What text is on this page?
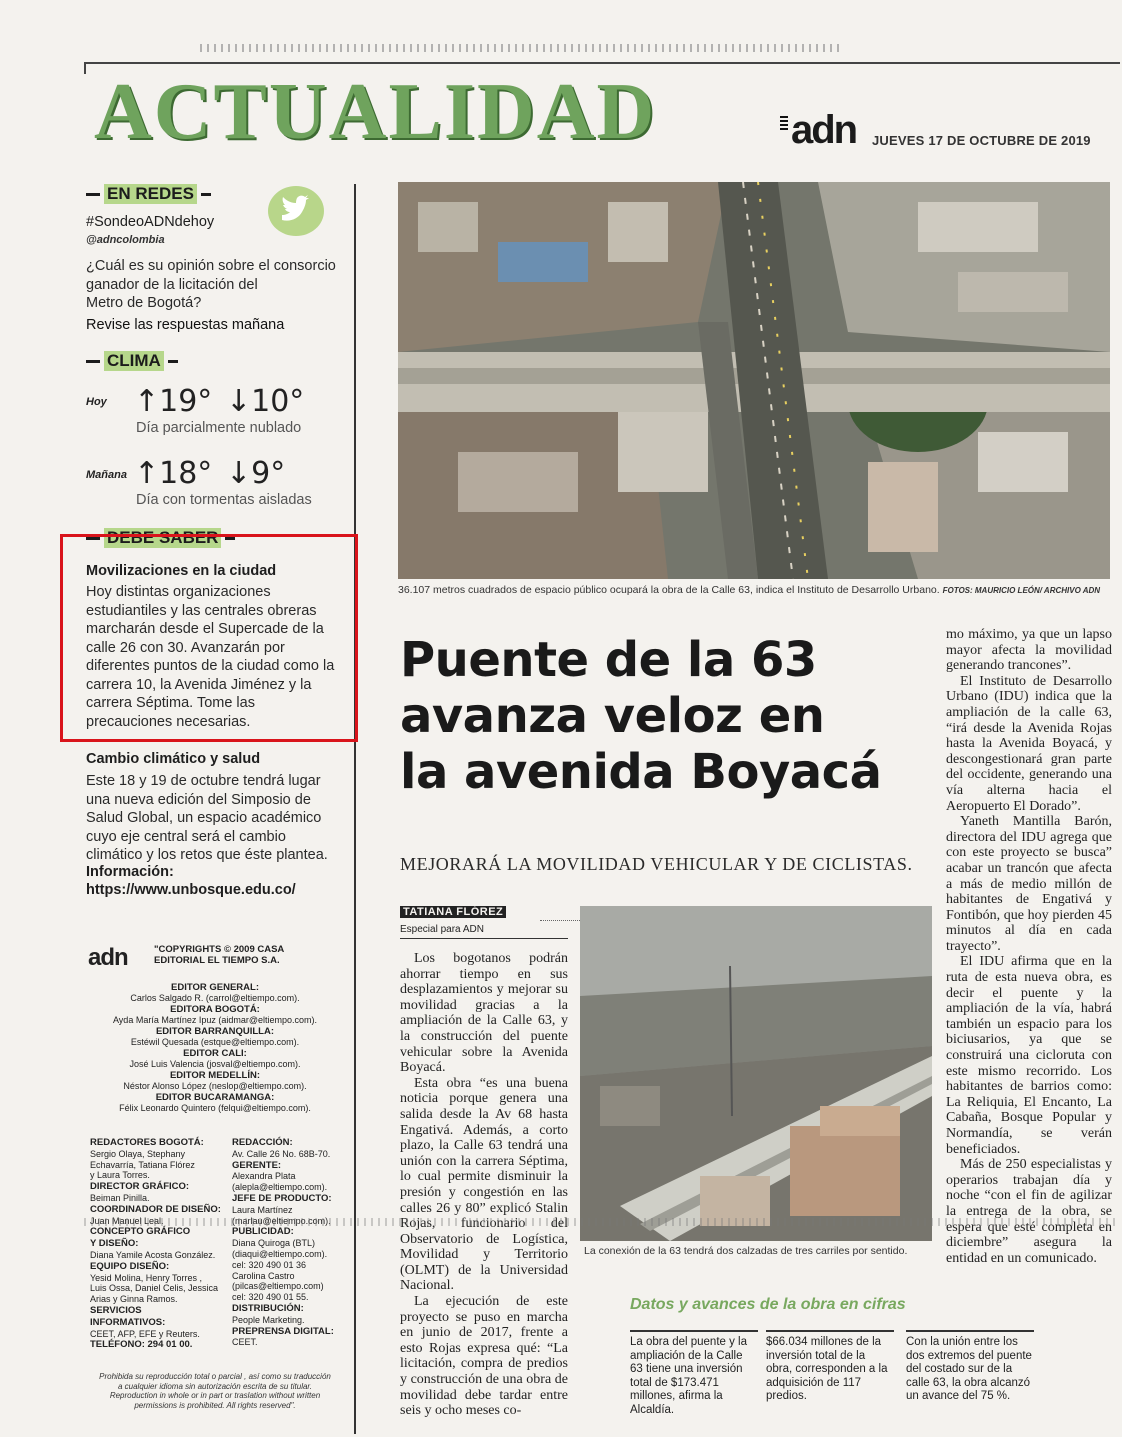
ACTUALIDAD	adn JUEVES 17 DE OCTUBRE DE 2019
EN REDES
#SondeoADNdehoy
@adncolombia
¿Cuál es su opinión sobre el consorcio
ganador de la licitación del
Metro de Bogotá?
Revise las respuestas mañana
CLIMA
Hoy ↑19° ↓10°
Día parcialmente nublado
Mañana ↑18° ↓9°
Día con tormentas aisladas
DEBE SABER
Movilizaciones en la ciudad
Hoy distintas organizaciones
estudiantiles y las centrales obreras
marcharán desde el Supercade de la
calle 26 con 30. Avanzarán por
diferentes puntos de la ciudad como la
carrera 10, la Avenida Jiménez y la
carrera Séptima. Tome las
precauciones necesarias.
Cambio climático y salud
Este 18 y 19 de octubre tendrá lugar
una nueva edición del Simposio de
Salud Global, un espacio académico
cuyo eje central será el cambio
climático y los retos que éste plantea.
Información:
https://www.unbosque.edu.co/
adn	"COPYRIGHTS © 2009 CASA
EDITORIAL EL TIEMPO S.A.
EDITOR GENERAL:
Carlos Salgado R. (carrol@eltiempo.com).
EDITORA BOGOTÁ:
Ayda María Martínez Ipuz (aidmar@eltiempo.com).
EDITOR BARRANQUILLA:
Estéwil Quesada (estque@eltiempo.com).
EDITOR CALI:
José Luis Valencia (josval@eltiempo.com).
EDITOR MEDELLÍN:
Néstor Alonso López (neslop@eltiempo.com).
EDITOR BUCARAMANGA:
Félix Leonardo Quintero (felqui@eltiempo.com).
REDACTORES BOGOTÁ:
Sergio Olaya, Stephany
Echavarría, Tatiana Flórez
y Laura Torres.
DIRECTOR GRÁFICO:
Beiman Pinilla.
COORDINADOR DE DISEÑO:
Juan Manuel Leal.
CONCEPTO GRÁFICO
Y DISEÑO:
Diana Yamile Acosta González.
EQUIPO DISEÑO:
Yesid Molina, Henry Torres ,
Luis Ossa, Daniel Celis, Jessica
Arias y Ginna Ramos.
SERVICIOS
INFORMATIVOS:
CEET, AFP, EFE y Reuters.
TELÉFONO: 294 01 00.
REDACCIÓN:
Av. Calle 26 No. 68B-70.
GERENTE:
Alexandra Plata
(alepla@eltiempo.com).
JEFE DE PRODUCTO:
Laura Martínez
(marlau@eltiempo.com).
PUBLICIDAD:
Diana Quiroga (BTL)
(diaqui@eltiempo.com).
cel: 320 490 01 36
Carolina Castro
(pilcas@eltiempo.com)
cel: 320 490 01 55.
DISTRIBUCIÓN:
People Marketing.
PREPRENSA DIGITAL:
CEET.
Prohibida su reproducción total o parcial , así como su traducción
a cualquier idioma sin autorización escrita de su titular.
Reproduction in whole or in part or traslation without written
permissions is prohibited. All rights reserved".
36.107 metros cuadrados de espacio público ocupará la obra de la Calle 63, indica el Instituto de Desarrollo Urbano. FOTOS: MAURICIO LEÓN/ ARCHIVO ADN
Puente de la 63
avanza veloz en
la avenida Boyacá
MEJORARÁ LA MOVILIDAD VEHICULAR Y DE CICLISTAS.
TATIANA FLÓREZ
Especial para ADN
La conexión de la 63 tendrá dos calzadas de tres carriles por sentido.

Los bogotanos podrán ahorrar tiempo en sus desplazamientos y mejorar su movilidad gracias a la ampliación de la Calle 63, y la construcción del puente vehicular sobre la Avenida Boyacá.

Esta obra “es una buena noticia porque genera una salida desde la Av 68 hasta Engativá. Además, a corto plazo, la Calle 63 tendrá una unión con la carrera Séptima, lo cual permite disminuir la presión y congestión en las calles 26 y 80” explicó Stalin Rojas, funcionario del Observatorio de Logística, Movilidad y Territorio (OLMT) de la Universidad Nacional.

La ejecución de este proyecto se puso en marcha en junio de 2017, frente a esto Rojas expresa qué: “La licitación, compra de predios y construcción de una obra de movilidad debe tardar entre seis y ocho meses co-

mo máximo, ya que un lapso mayor afecta la movilidad generando trancones”.

El Instituto de Desarrollo Urbano (IDU) indica que la ampliación de la calle 63, “irá desde la Avenida Rojas hasta la Avenida Boyacá, y descongestionará gran parte del occidente, generando una vía alterna hacia el Aeropuerto El Dorado”.

Yaneth Mantilla Barón, directora del IDU agrega que con este proyecto se busca” acabar un trancón que afecta a más de medio millón de habitantes de Engativá y Fontibón, que hoy pierden 45 minutos al día en cada trayecto”.

El IDU afirma que en la ruta de esta nueva obra, es decir el puente y la ampliación de la vía, habrá también un espacio para los biciusarios, ya que se construirá una cicloruta con este mismo recorrido. Los habitantes de barrios como: La Reliquia, El Encanto, La Cabaña, Bosque Popular y Normandía, se verán beneficiados.

Más de 250 especialistas y operarios trabajan día y noche “con el fin de agilizar la entrega de la obra, se espera que esté completa en diciembre” asegura la entidad en un comunicado.

Datos y avances de la obra en cifras
La obra del puente y la ampliación de la Calle 63 tiene una inversión total de $173.471 millones, afirma la Alcaldía.
$66.034 millones de la inversión total de la obra, corresponden a la adquisición de 117 predios.
Con la unión entre los dos extremos del puente del costado sur de la calle 63, la obra alcanzó un avance del 75 %.
